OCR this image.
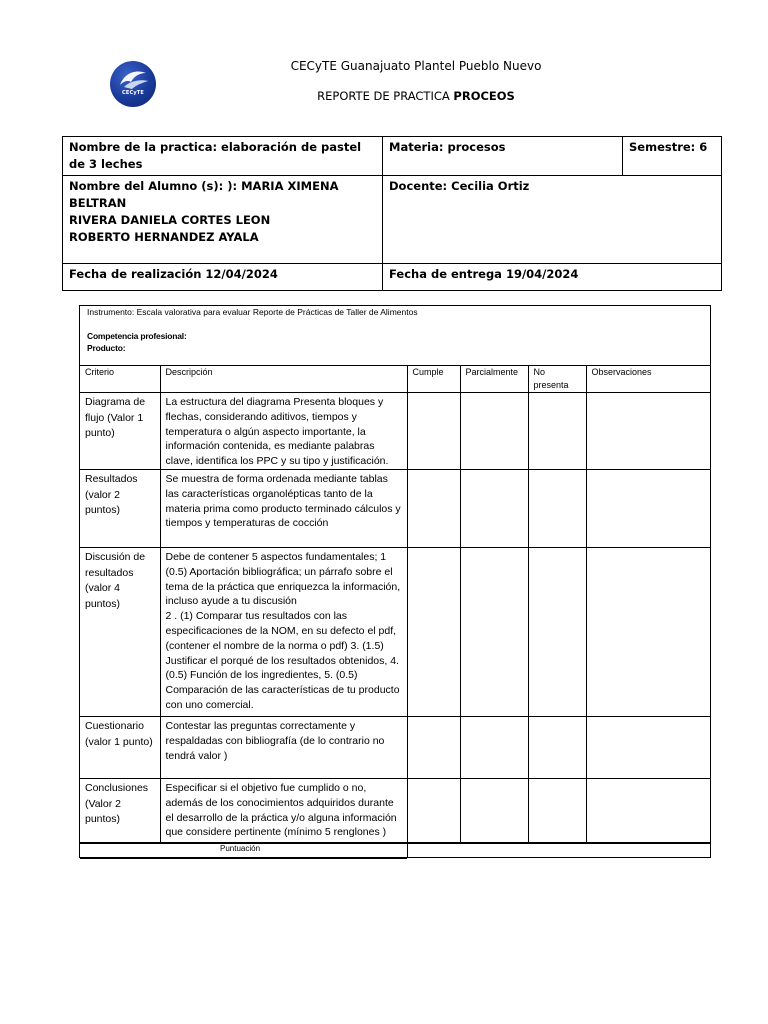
CECyTE
CECyTE Guanajuato Plantel Pueblo Nuevo
REPORTE DE PRACTICA PROCEOS
Nombre de la practica: elaboración de pastel de 3 leches	Materia: procesos	Semestre: 6

Nombre del Alumno (s): ): MARIA XIMENA BELTRAN
RIVERA DANIELA CORTES LEON
ROBERTO HERNANDEZ AYALA	Docente: Cecilia Ortiz	
Fecha de realización 12/04/2024	Fecha de entrega 19/04/2024	
Instrumento: Escala valorativa para evaluar Reporte de Prácticas de Taller de Alimentos
Competencia profesional:
Producto:
Criterio	Descripción	Cumple	Parcialmente	No presenta	Observaciones
Diagrama de flujo (Valor 1 punto)	La estructura del diagrama Presenta bloques y flechas, considerando aditivos, tiempos y temperatura o algún aspecto importante, la información contenida, es mediante palabras clave, identifica los PPC y su tipo y justificación.				
Resultados (valor 2 puntos)	Se muestra de forma ordenada mediante tablas las características organolépticas tanto de la materia prima como producto terminado cálculos y tiempos y temperaturas de cocción				
Discusión de resultados (valor 4 puntos)	Debe de contener 5 aspectos fundamentales; 1 (0.5) Aportación bibliográfica; un párrafo sobre el tema de la práctica que enriquezca la información, incluso ayude a tu discusión
2 . (1) Comparar tus resultados con las especificaciones de la NOM, en su defecto el pdf, (contener el nombre de la norma o pdf) 3. (1.5) Justificar el porqué de los resultados obtenidos, 4. (0.5) Función de los ingredientes, 5. (0.5) Comparación de las características de tu producto con uno comercial.				

Cuestionario (valor 1 punto)	Contestar las preguntas correctamente y respaldadas con bibliografía (de lo contrario no tendrá valor )				
Conclusiones (Valor 2 puntos)	Especificar si el objetivo fue cumplido o no, además de los conocimientos adquiridos durante el desarrollo de la práctica y/o alguna información que considere pertinente (mínimo 5 renglones )				
Puntuación
